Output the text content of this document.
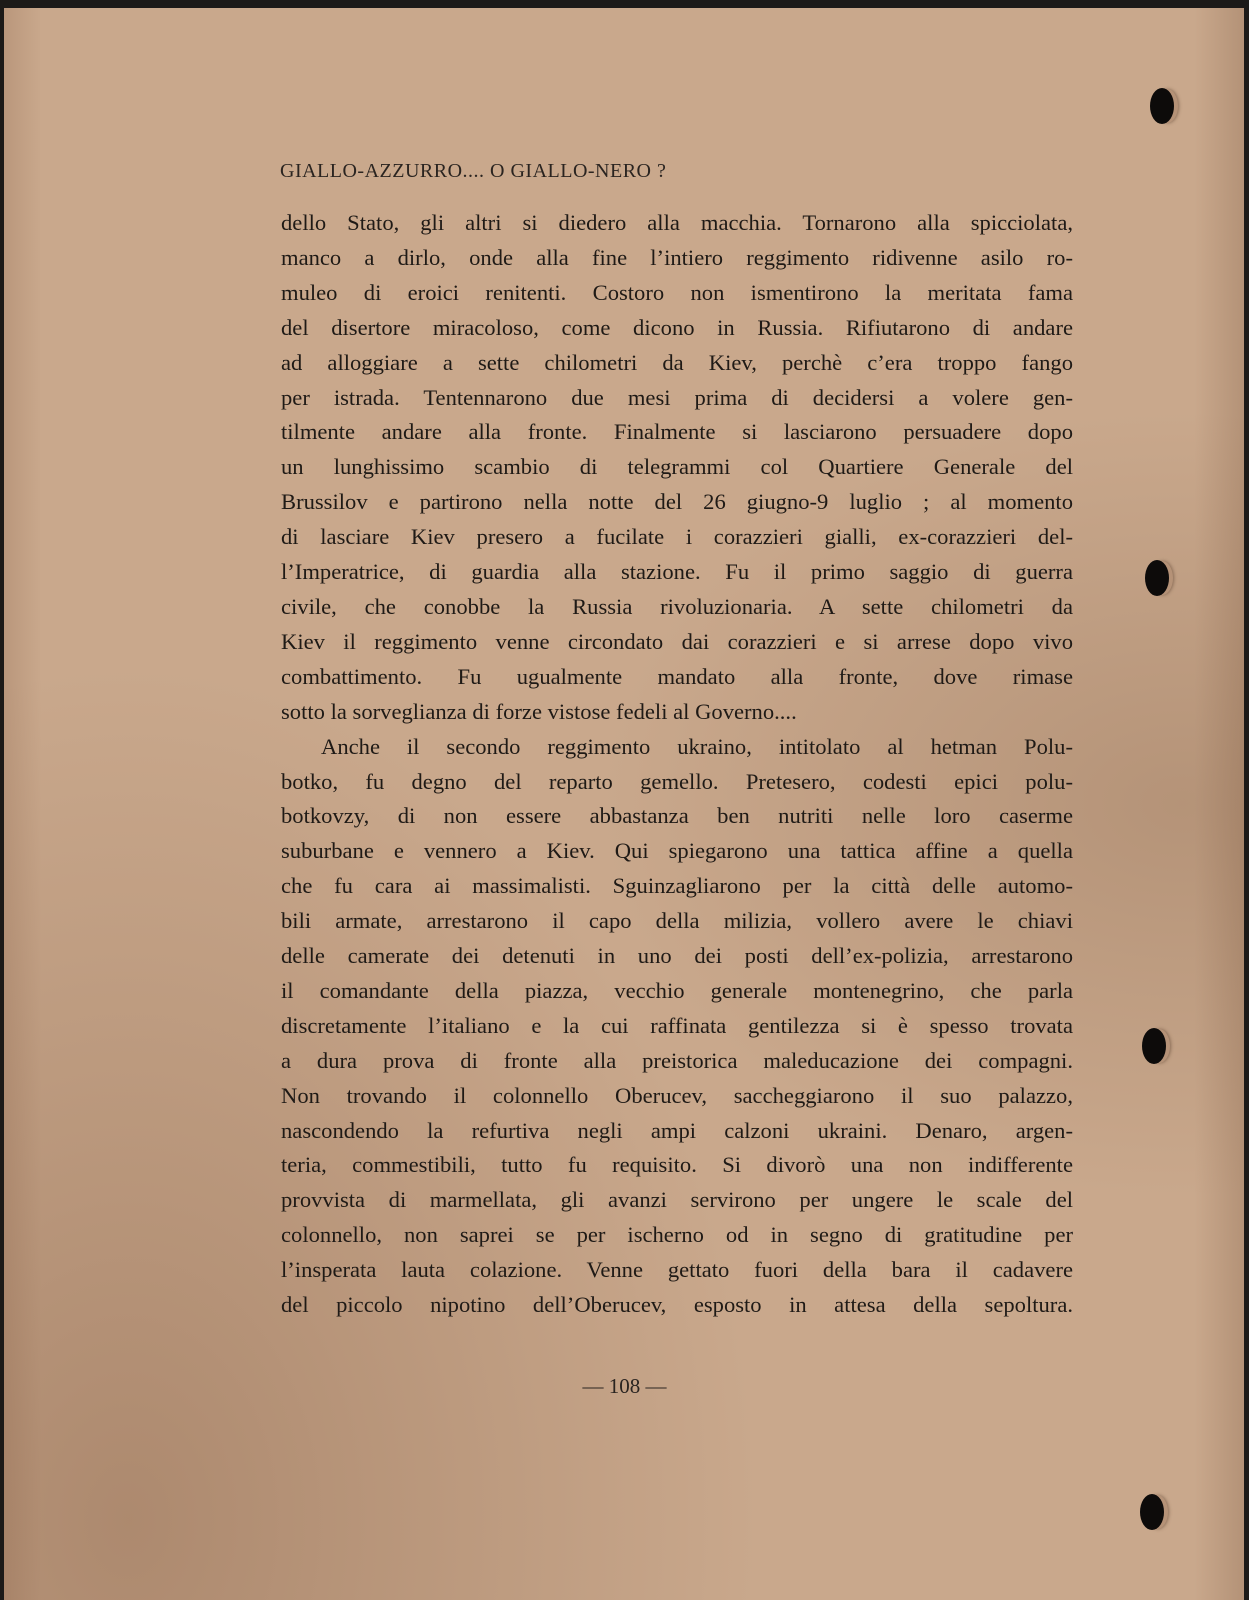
GIALLO-AZZURRO.... O GIALLO-NERO ?
dello Stato, gli altri si diedero alla macchia. Tornarono alla spicciolata,
manco a dirlo, onde alla fine l’intiero reggimento ridivenne asilo ro-
muleo di eroici renitenti. Costoro non ismentirono la meritata fama
del disertore miracoloso, come dicono in Russia. Rifiutarono di andare
ad alloggiare a sette chilometri da Kiev, perchè c’era troppo fango
per istrada. Tentennarono due mesi prima di decidersi a volere gen-
tilmente andare alla fronte. Finalmente si lasciarono persuadere dopo
un lunghissimo scambio di telegrammi col Quartiere Generale del
Brussilov e partirono nella notte del 26 giugno-9 luglio ; al momento
di lasciare Kiev presero a fucilate i corazzieri gialli, ex-corazzieri del-
l’Imperatrice, di guardia alla stazione. Fu il primo saggio di guerra
civile, che conobbe la Russia rivoluzionaria. A sette chilometri da
Kiev il reggimento venne circondato dai corazzieri e si arrese dopo vivo
combattimento. Fu ugualmente mandato alla fronte, dove rimase
sotto la sorveglianza di forze vistose fedeli al Governo....
Anche il secondo reggimento ukraino, intitolato al hetman Polu-
botko, fu degno del reparto gemello. Pretesero, codesti epici polu-
botkovzy, di non essere abbastanza ben nutriti nelle loro caserme
suburbane e vennero a Kiev. Qui spiegarono una tattica affine a quella
che fu cara ai massimalisti. Sguinzagliarono per la città delle automo-
bili armate, arrestarono il capo della milizia, vollero avere le chiavi
delle camerate dei detenuti in uno dei posti dell’ex-polizia, arrestarono
il comandante della piazza, vecchio generale montenegrino, che parla
discretamente l’italiano e la cui raffinata gentilezza si è spesso trovata
a dura prova di fronte alla preistorica maleducazione dei compagni.
Non trovando il colonnello Oberucev, saccheggiarono il suo palazzo,
nascondendo la refurtiva negli ampi calzoni ukraini. Denaro, argen-
teria, commestibili, tutto fu requisito. Si divorò una non indifferente
provvista di marmellata, gli avanzi servirono per ungere le scale del
colonnello, non saprei se per ischerno od in segno di gratitudine per
l’insperata lauta colazione. Venne gettato fuori della bara il cadavere
del piccolo nipotino dell’Oberucev, esposto in attesa della sepoltura.
— 108 —
